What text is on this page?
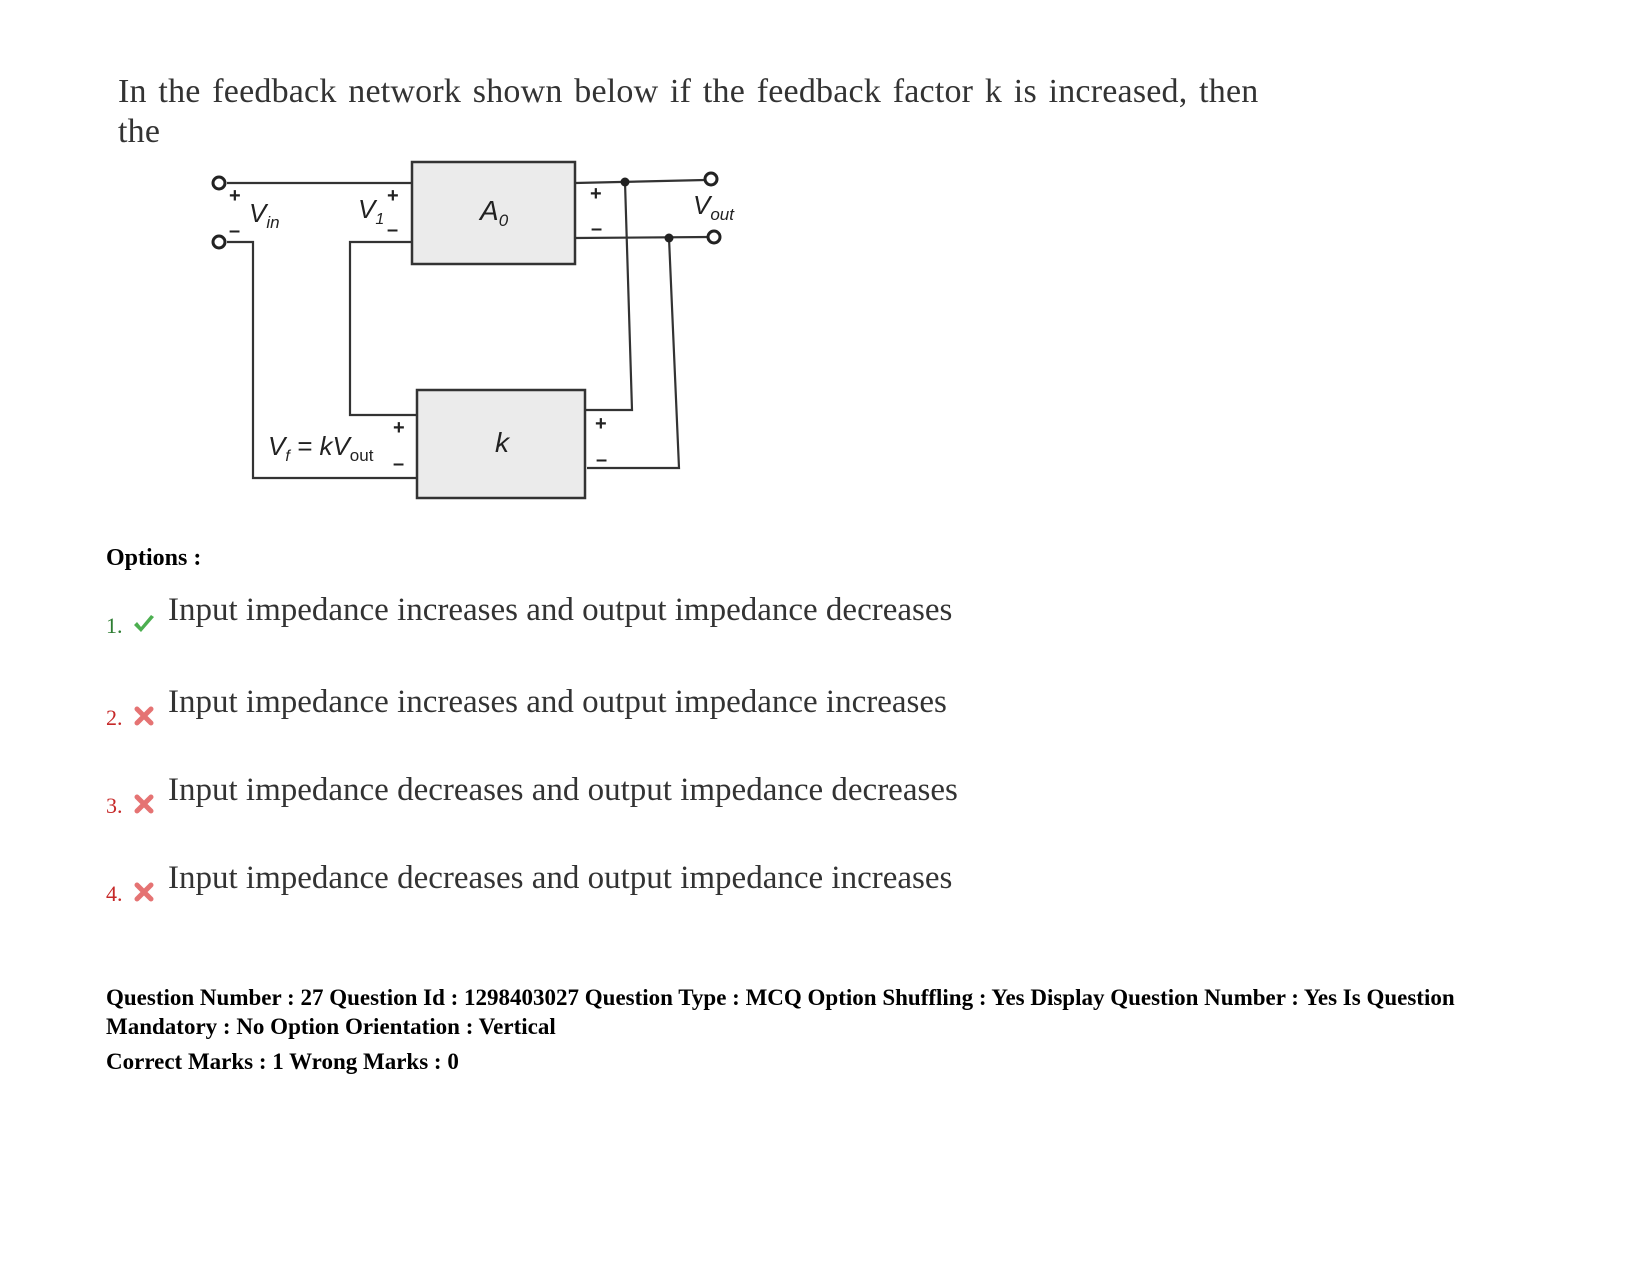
In the feedback network shown below if the feedback factor k is increased, then the
$V_{in}$	$V_1$	$A_0$
$V_{out}$
k
$V_f = kV_{out}$
+
–
+
–
+
–
+
–
+
–
Options :
1. Input impedance increases and output impedance decreases
2. Input impedance increases and output impedance increases
3. Input impedance decreases and output impedance decreases
4. Input impedance decreases and output impedance increases
Question Number : 27 Question Id : 1298403027 Question Type : MCQ Option Shuffling : Yes Display Question Number : Yes Is Question Mandatory : No Option Orientation : Vertical
Correct Marks : 1 Wrong Marks : 0
